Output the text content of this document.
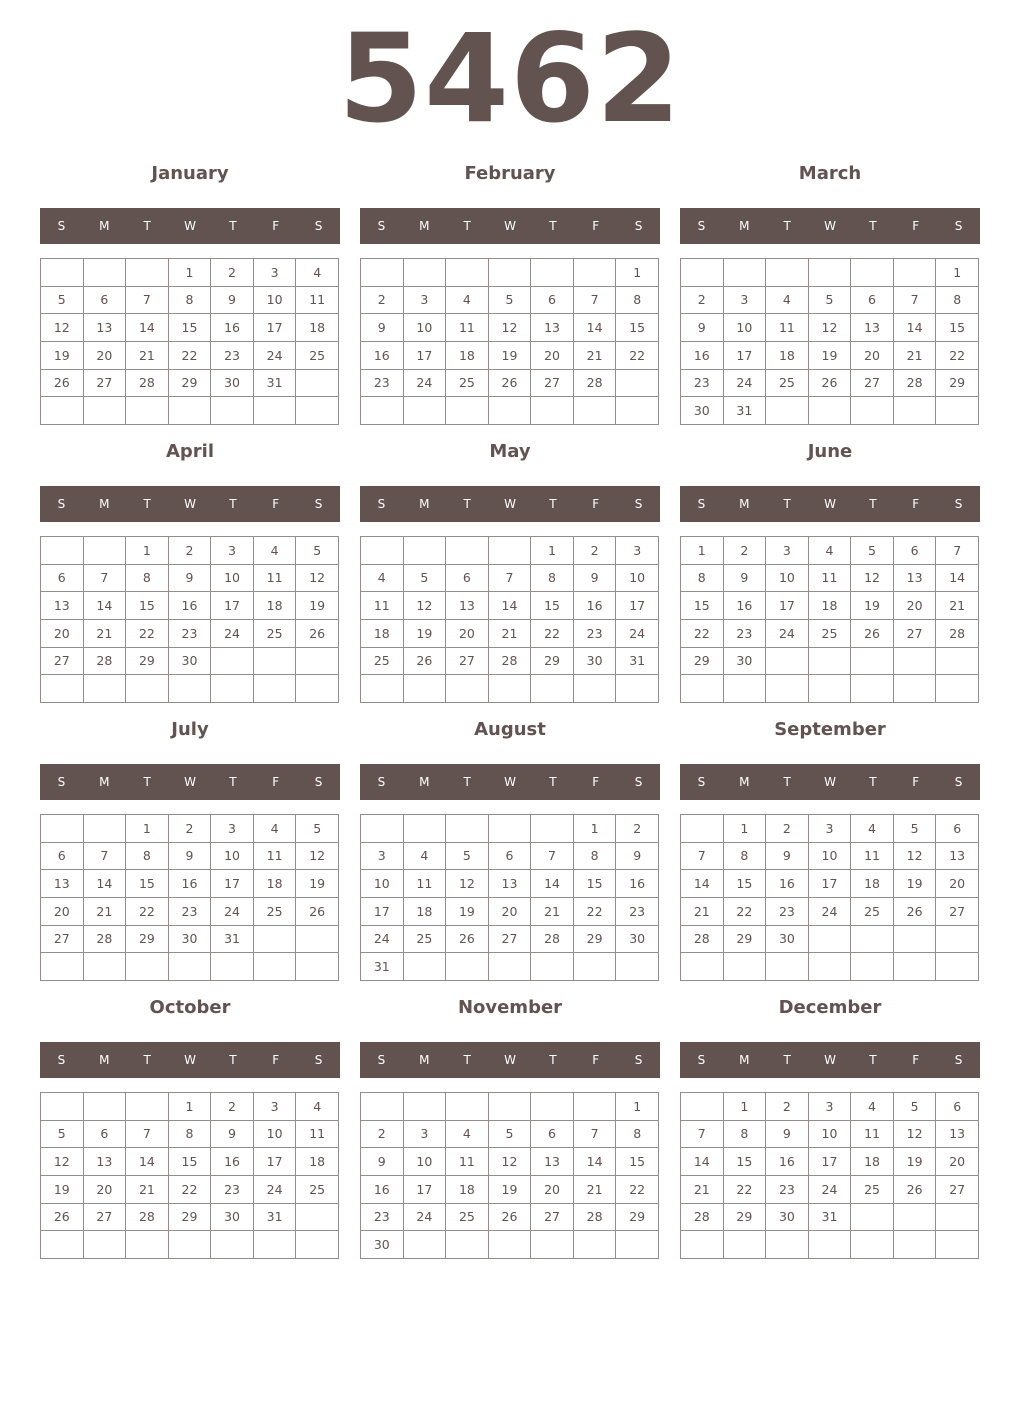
5462
January
S	M	T	W	T	F	S
			1	2	3	4
5	6	7	8	9	10	11
12	13	14	15	16	17	18
19	20	21	22	23	24	25
26	27	28	29	30	31	

February
S	M	T	W	T	F	S
						1
2	3	4	5	6	7	8
9	10	11	12	13	14	15
16	17	18	19	20	21	22
23	24	25	26	27	28	

March
S	M	T	W	T	F	S
						1
2	3	4	5	6	7	8
9	10	11	12	13	14	15
16	17	18	19	20	21	22
23	24	25	26	27	28	29
30	31					
April
S	M	T	W	T	F	S
		1	2	3	4	5
6	7	8	9	10	11	12
13	14	15	16	17	18	19
20	21	22	23	24	25	26
27	28	29	30			

May
S	M	T	W	T	F	S
				1	2	3
4	5	6	7	8	9	10
11	12	13	14	15	16	17
18	19	20	21	22	23	24
25	26	27	28	29	30	31

June
S	M	T	W	T	F	S
1	2	3	4	5	6	7
8	9	10	11	12	13	14
15	16	17	18	19	20	21
22	23	24	25	26	27	28
29	30					

July
S	M	T	W	T	F	S
		1	2	3	4	5
6	7	8	9	10	11	12
13	14	15	16	17	18	19
20	21	22	23	24	25	26
27	28	29	30	31		

August
S	M	T	W	T	F	S
					1	2
3	4	5	6	7	8	9
10	11	12	13	14	15	16
17	18	19	20	21	22	23
24	25	26	27	28	29	30
31						
September
S	M	T	W	T	F	S
	1	2	3	4	5	6
7	8	9	10	11	12	13
14	15	16	17	18	19	20
21	22	23	24	25	26	27
28	29	30				

October
S	M	T	W	T	F	S
			1	2	3	4
5	6	7	8	9	10	11
12	13	14	15	16	17	18
19	20	21	22	23	24	25
26	27	28	29	30	31	

November
S	M	T	W	T	F	S
						1
2	3	4	5	6	7	8
9	10	11	12	13	14	15
16	17	18	19	20	21	22
23	24	25	26	27	28	29
30						
December
S	M	T	W	T	F	S
	1	2	3	4	5	6
7	8	9	10	11	12	13
14	15	16	17	18	19	20
21	22	23	24	25	26	27
28	29	30	31			
